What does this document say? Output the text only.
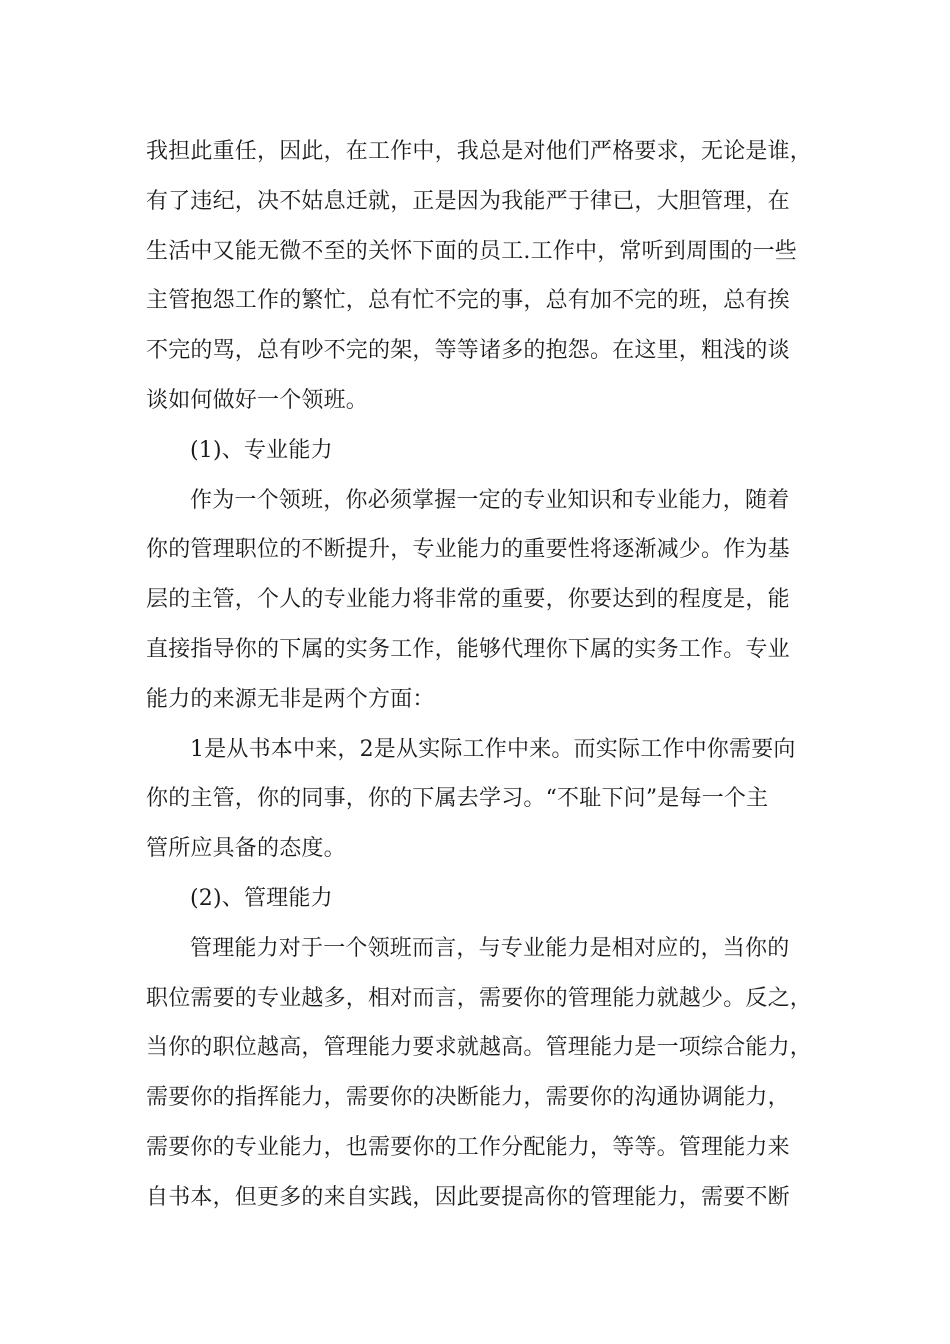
我担此重任，因此，在工作中，我总是对他们严格要求，无论是谁，
有了违纪，决不姑息迁就，正是因为我能严于律已，大胆管理，在
生活中又能无微不至的关怀下面的员工.工作中，常听到周围的一些
主管抱怨工作的繁忙，总有忙不完的事，总有加不完的班，总有挨
不完的骂，总有吵不完的架，等等诸多的抱怨。在这里，粗浅的谈
谈如何做好一个领班。
(1)、专业能力
作为一个领班，你必须掌握一定的专业知识和专业能力，随着
你的管理职位的不断提升，专业能力的重要性将逐渐减少。作为基
层的主管，个人的专业能力将非常的重要，你要达到的程度是，能
直接指导你的下属的实务工作，能够代理你下属的实务工作。专业
能力的来源无非是两个方面：
1是从书本中来，2是从实际工作中来。而实际工作中你需要向
你的主管，你的同事，你的下属去学习。“不耻下问”是每一个主
管所应具备的态度。
(2)、管理能力
管理能力对于一个领班而言，与专业能力是相对应的，当你的
职位需要的专业越多，相对而言，需要你的管理能力就越少。反之，
当你的职位越高，管理能力要求就越高。管理能力是一项综合能力，
需要你的指挥能力，需要你的决断能力，需要你的沟通协调能力，
需要你的专业能力，也需要你的工作分配能力，等等。管理能力来
自书本，但更多的来自实践，因此要提高你的管理能力，需要不断
